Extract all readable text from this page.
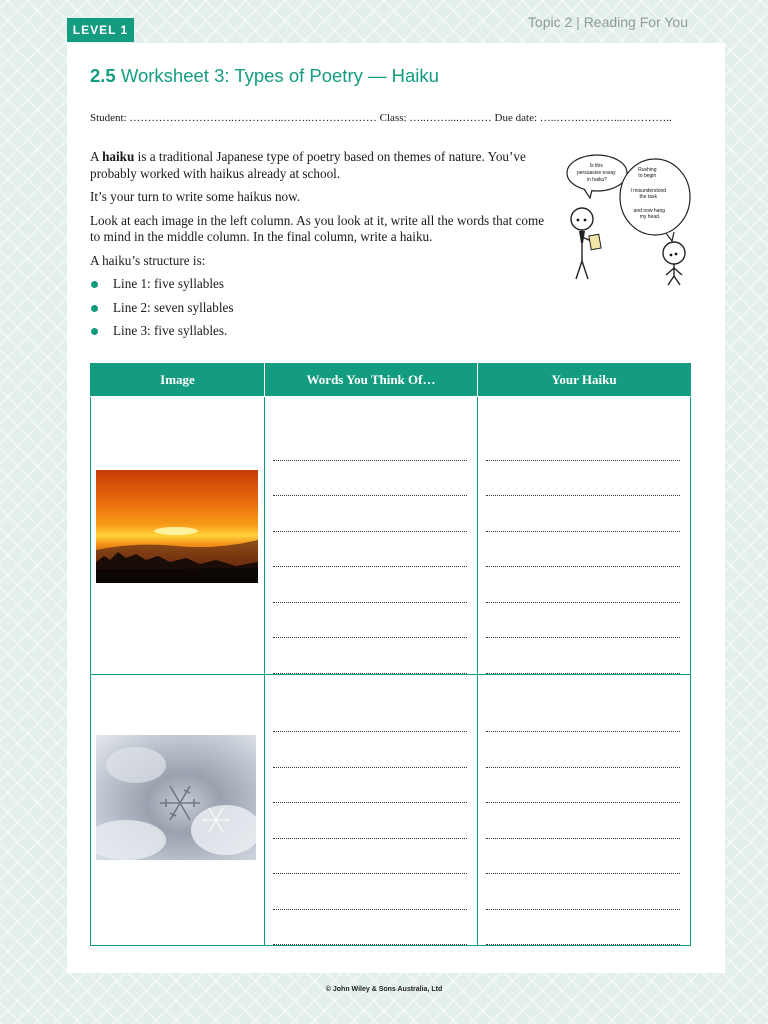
LEVEL 1	Topic 2 | Reading For You
2.5 Worksheet 3: Types of Poetry — Haiku
Student: ………………………..…………..……..……………… Class: …..……....……… Due date: …..…….………...…………..

A haiku is a traditional Japanese type of poetry based on themes of nature. You’ve probably worked with haikus already at school.

It’s your turn to write some haikus now.

Look at each image in the left column. As you look at it, write all the words that come to mind in the middle column. In the final column, write a haiku.

A haiku’s structure is:

Line 1: five syllables
Line 2: seven syllables
Line 3: five syllables.
Is this persuasive essay in haiku?
Rushing to begin I misunderstood the task and now hang my head.
Image	Words You Think Of…	Your Haiku

© John Wiley & Sons Australia, Ltd
